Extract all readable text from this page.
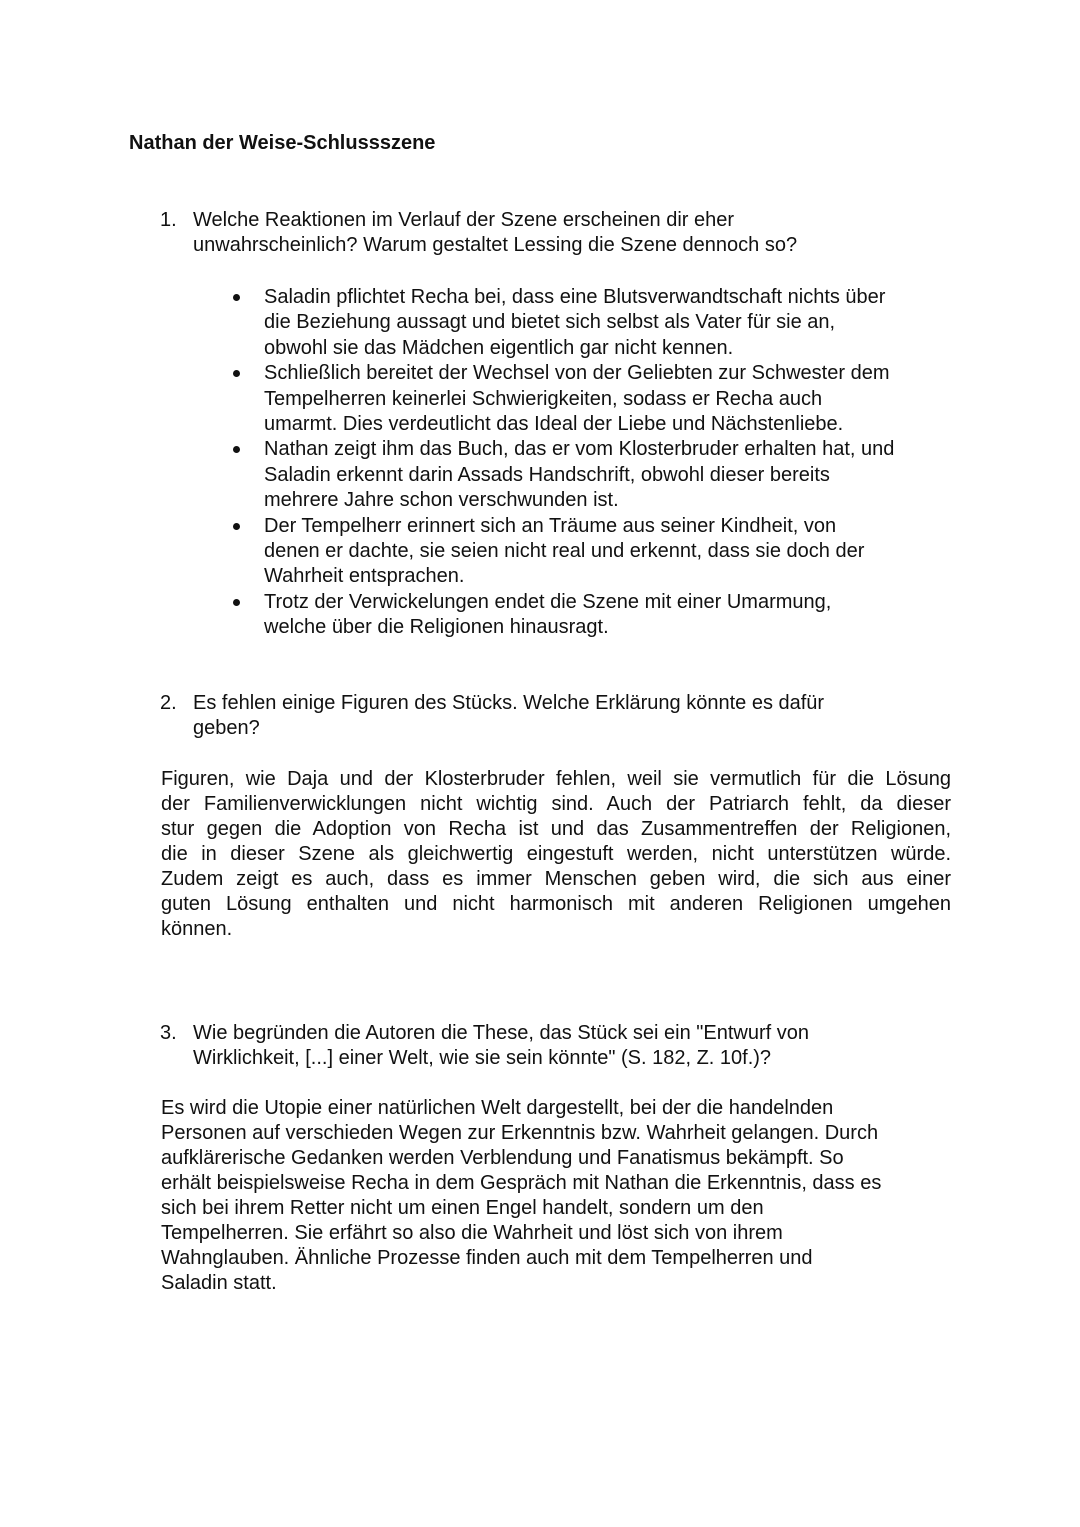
Nathan der Weise-Schlussszene
1. Welche Reaktionen im Verlauf der Szene erscheinen dir eher
unwahrscheinlich? Warum gestaltet Lessing die Szene dennoch so?
Saladin pflichtet Recha bei, dass eine Blutsverwandtschaft nichts über
die Beziehung aussagt und bietet sich selbst als Vater für sie an,
obwohl sie das Mädchen eigentlich gar nicht kennen.
Schließlich bereitet der Wechsel von der Geliebten zur Schwester dem
Tempelherren keinerlei Schwierigkeiten, sodass er Recha auch
umarmt. Dies verdeutlicht das Ideal der Liebe und Nächstenliebe.
Nathan zeigt ihm das Buch, das er vom Klosterbruder erhalten hat, und
Saladin erkennt darin Assads Handschrift, obwohl dieser bereits
mehrere Jahre schon verschwunden ist.
Der Tempelherr erinnert sich an Träume aus seiner Kindheit, von
denen er dachte, sie seien nicht real und erkennt, dass sie doch der
Wahrheit entsprachen.
Trotz der Verwickelungen endet die Szene mit einer Umarmung,
welche über die Religionen hinausragt.
2. Es fehlen einige Figuren des Stücks. Welche Erklärung könnte es dafür
geben?
Figuren, wie Daja und der Klosterbruder fehlen, weil sie vermutlich für die Lösung
der Familienverwicklungen nicht wichtig sind. Auch der Patriarch fehlt, da dieser
stur gegen die Adoption von Recha ist und das Zusammentreffen der Religionen,
die in dieser Szene als gleichwertig eingestuft werden, nicht unterstützen würde.
Zudem zeigt es auch, dass es immer Menschen geben wird, die sich aus einer
guten Lösung enthalten und nicht harmonisch mit anderen Religionen umgehen
können.
3. Wie begründen die Autoren die These, das Stück sei ein "Entwurf von
Wirklichkeit, [...] einer Welt, wie sie sein könnte" (S. 182, Z. 10f.)?
Es wird die Utopie einer natürlichen Welt dargestellt, bei der die handelnden
Personen auf verschieden Wegen zur Erkenntnis bzw. Wahrheit gelangen. Durch
aufklärerische Gedanken werden Verblendung und Fanatismus bekämpft. So
erhält beispielsweise Recha in dem Gespräch mit Nathan die Erkenntnis, dass es
sich bei ihrem Retter nicht um einen Engel handelt, sondern um den
Tempelherren. Sie erfährt so also die Wahrheit und löst sich von ihrem
Wahnglauben. Ähnliche Prozesse finden auch mit dem Tempelherren und
Saladin statt.
